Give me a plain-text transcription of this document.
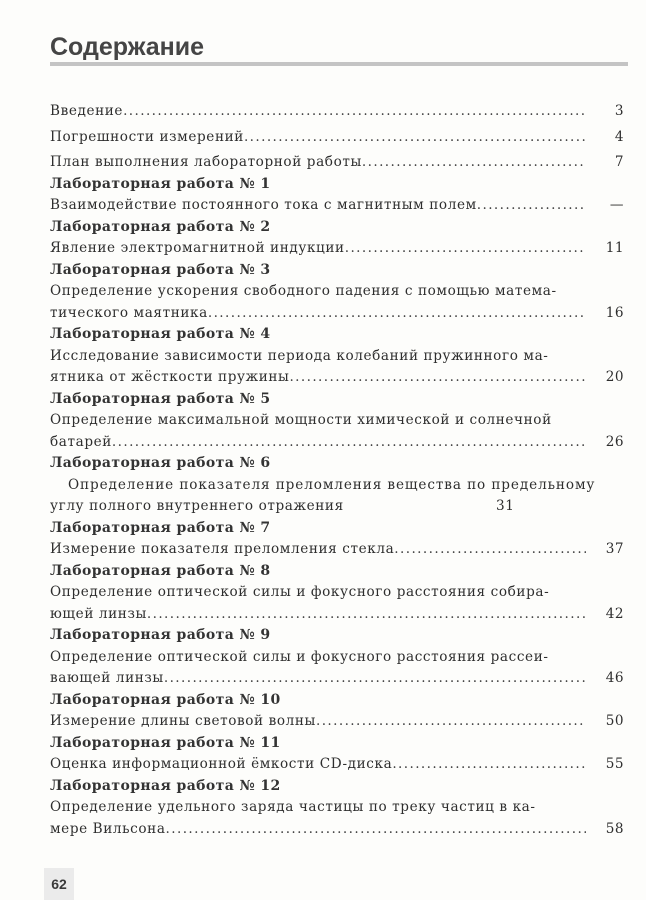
Содержание
Введение .....	3
Погрешности измерений .....	4
План выполнения лабораторной работы .....	7
Лабораторная работа № 1
Взаимодействие постоянного тока с магнитным полем .....	—
Лабораторная работа № 2
Явление электромагнитной индукции .....	11
Лабораторная работа № 3
Определение ускорения свободного падения с помощью матема-
тического маятника .....	16
Лабораторная работа № 4
Исследование зависимости периода колебаний пружинного ма-
ятника от жёсткости пружины .....	20
Лабораторная работа № 5
Определение максимальной мощности химической и солнечной
батарей .....	26
Лабораторная работа № 6
Определение показателя преломления вещества по предельному
углу полного внутреннего отражения	31
Лабораторная работа № 7
Измерение показателя преломления стекла .....	37
Лабораторная работа № 8
Определение оптической силы и фокусного расстояния собира-
ющей линзы .....	42
Лабораторная работа № 9
Определение оптической силы и фокусного расстояния рассеи-
вающей линзы .....	46
Лабораторная работа № 10
Измерение длины световой волны .....	50
Лабораторная работа № 11
Оценка информационной ёмкости CD-диска .....	55
Лабораторная работа № 12
Определение удельного заряда частицы по треку частиц в ка-
мере Вильсона .....	58
62
